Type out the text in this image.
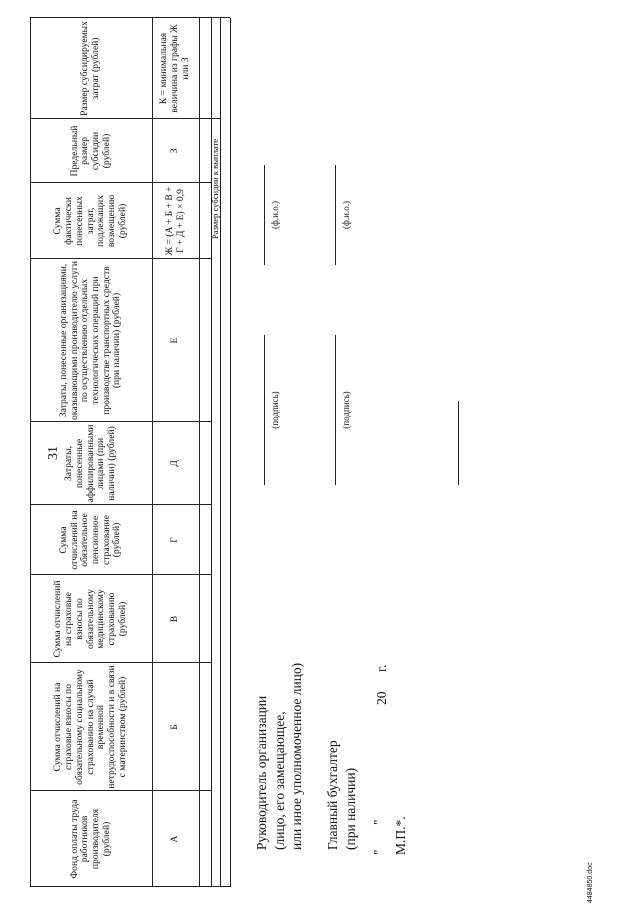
31
Фонд оплаты труда работников производителя (рублей)
Сумма отчислений на страховые взносы по обязательному социальному страхованию на случай временной нетрудоспособности и в связи с материнством (рублей)
Сумма отчислений на страховые взносы по обязательному медицинскому страхованию (рублей)
Сумма отчислений на обязательное пенсионное страхование (рублей)
Затраты, понесенные аффилированными лицами (при наличии) (рублей)
Затраты, понесенные организациями, оказывающими производителю услуги по осуществлению отдельных технологических операций при производстве транспортных средств (при наличии) (рублей)
Сумма фактически понесенных затрат, подлежащих возмещению (рублей)
Предельный размер субсидии (рублей)
Размер субсидируемых затрат (рублей)
А
Б
В
Г
Д
Е
Ж = (А + Б + В + Г + Д + Е) × 0,9
З
К = минимальная величина из графы Ж или З
Размер субсидии к выплате
Руководитель организации (лицо, его замещающее, или иное уполномоченное лицо)
(подпись)
(ф.и.о.)
Главный бухгалтер (при наличии)
(подпись)
(ф.и.о.)
"
"
20
г.
М.П.*.
4484850.doc
